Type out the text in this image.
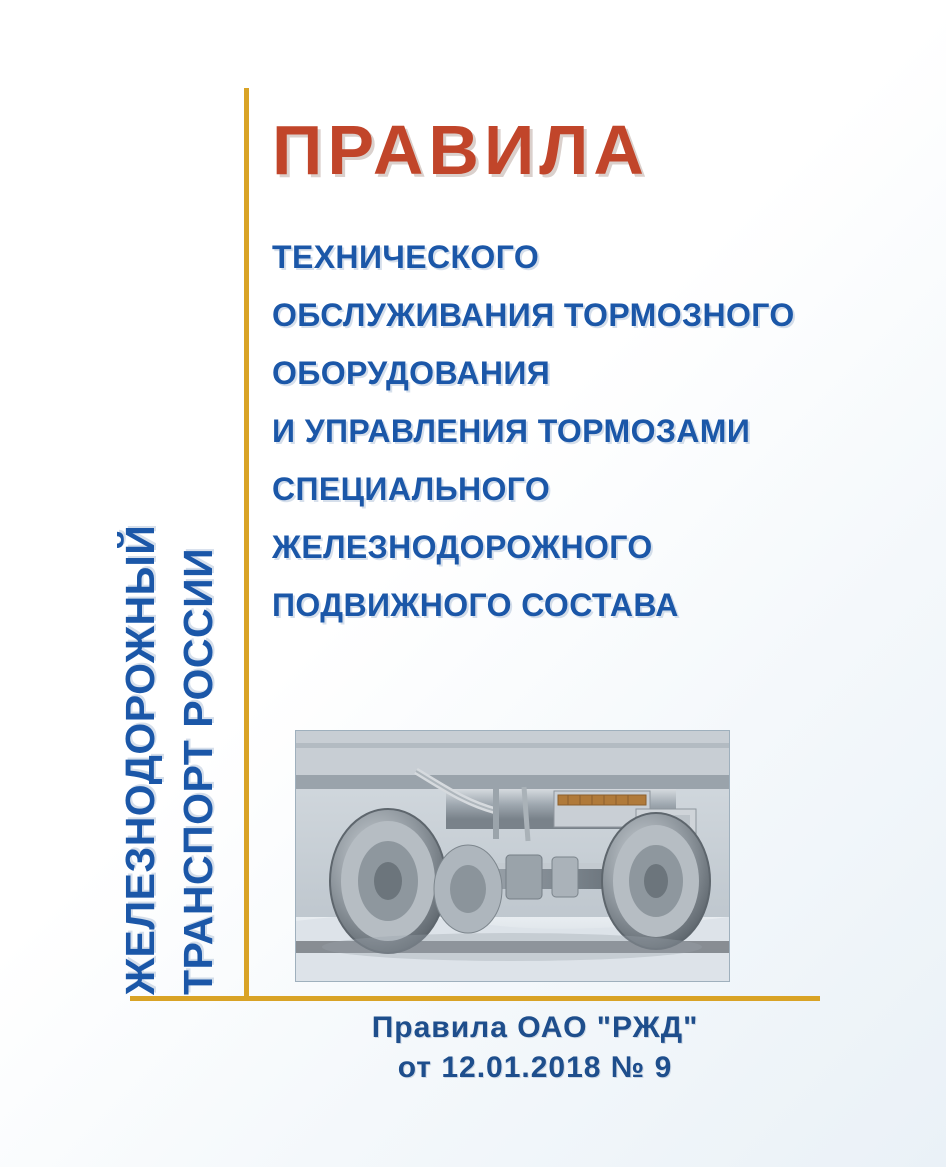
ЖЕЛЕЗНОДОРОЖНЫЙ ТРАНСПОРТ РОССИИ
ПРАВИЛА
ТЕХНИЧЕСКОГО
ОБСЛУЖИВАНИЯ ТОРМОЗНОГО
ОБОРУДОВАНИЯ
И УПРАВЛЕНИЯ ТОРМОЗАМИ
СПЕЦИАЛЬНОГО
ЖЕЛЕЗНОДОРОЖНОГО
ПОДВИЖНОГО СОСТАВА
Правила ОАО "РЖД"
от 12.01.2018 № 9
